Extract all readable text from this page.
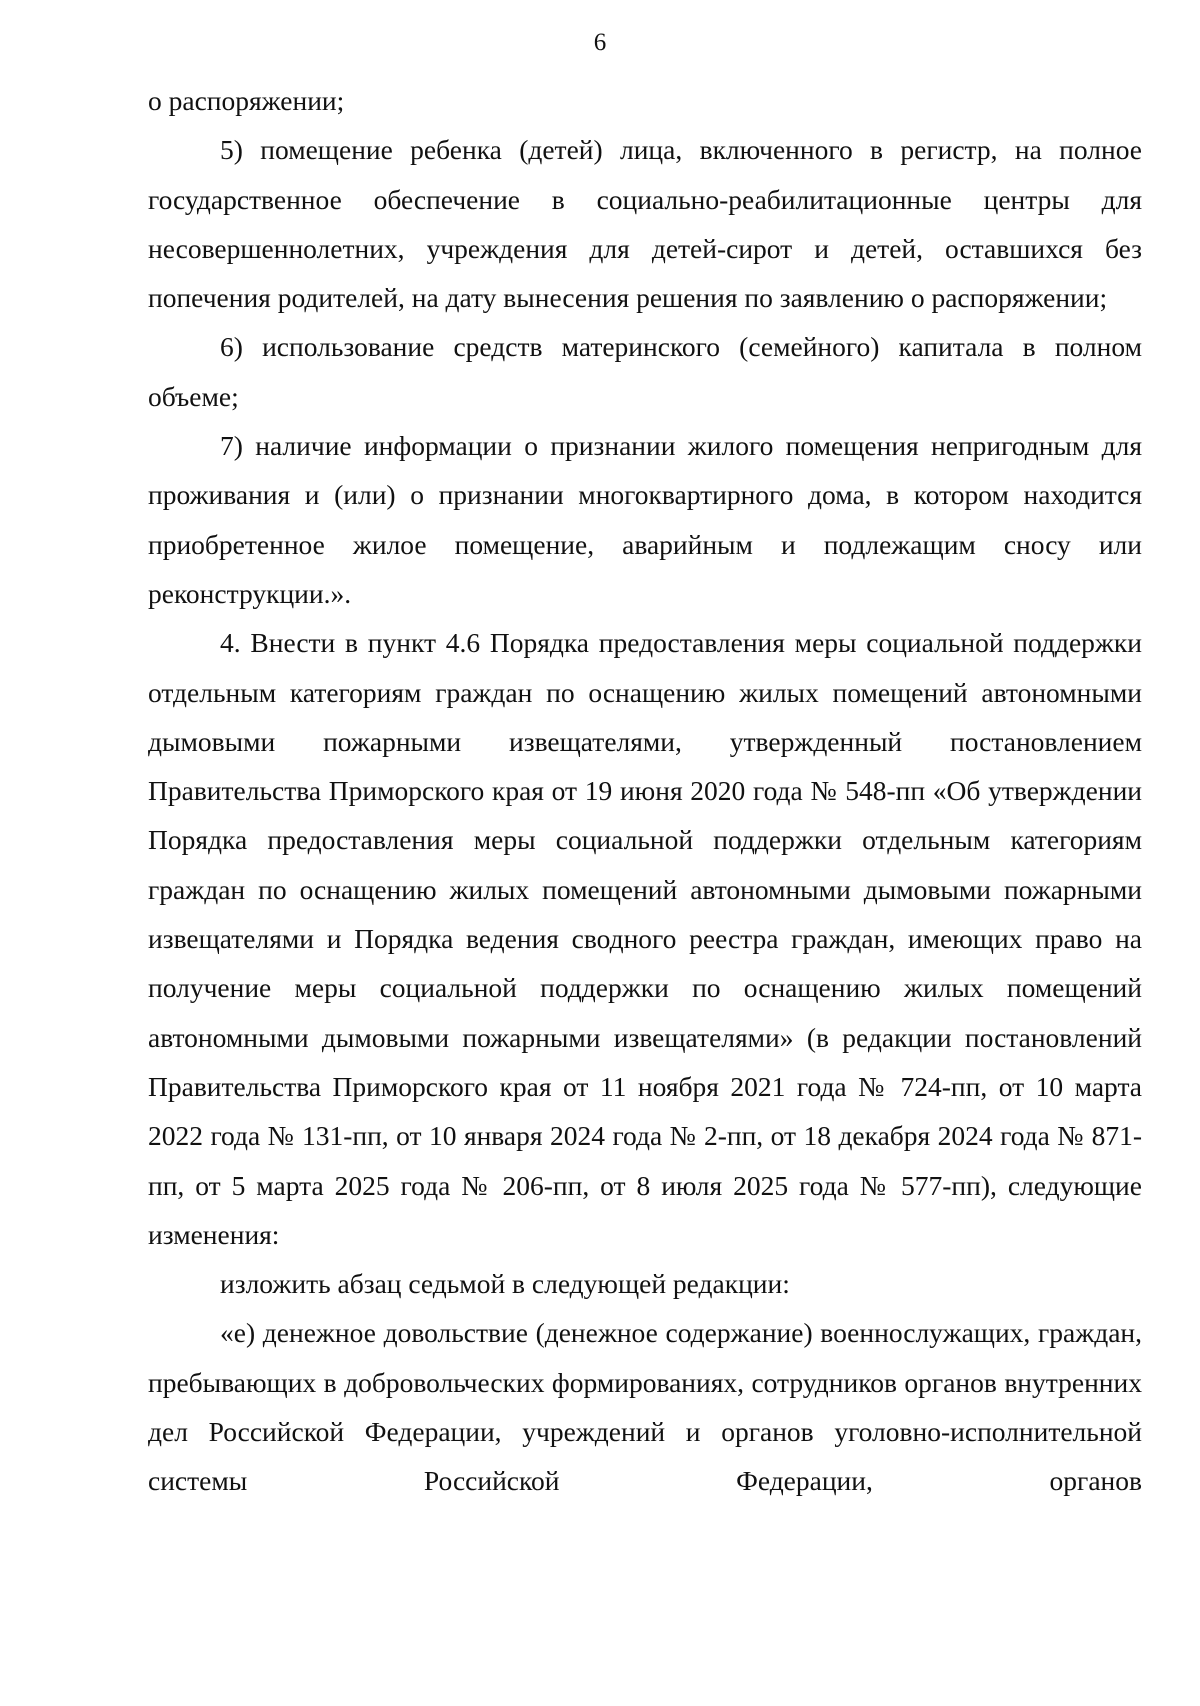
6

о распоряжении;

5) помещение ребенка (детей) лица, включенного в регистр, на полное государственное обеспечение в социально-реабилитационные центры для несовершеннолетних, учреждения для детей-сирот и детей, оставшихся без попечения родителей, на дату вынесения решения по заявлению о распоряжении;

6) использование средств материнского (семейного) капитала в полном объеме;

7) наличие информации о признании жилого помещения непригодным для проживания и (или) о признании многоквартирного дома, в котором находится приобретенное жилое помещение, аварийным и подлежащим сносу или реконструкции.».

4. Внести в пункт 4.6 Порядка предоставления меры социальной поддержки отдельным категориям граждан по оснащению жилых помещений автономными дымовыми пожарными извещателями, утвержденный постановлением Правительства Приморского края от 19 июня 2020 года № 548-пп «Об утверждении Порядка предоставления меры социальной поддержки отдельным категориям граждан по оснащению жилых помещений автономными дымовыми пожарными извещателями и Порядка ведения сводного реестра граждан, имеющих право на получение меры социальной поддержки по оснащению жилых помещений автономными дымовыми пожарными извещателями» (в редакции постановлений Правительства Приморского края от 11 ноября 2021 года № 724-пп, от 10 марта 2022 года № 131-пп, от 10 января 2024 года № 2-пп, от 18 декабря 2024 года № 871-пп, от 5 марта 2025 года № 206-пп, от 8 июля 2025 года № 577-пп), следующие изменения:

изложить абзац седьмой в следующей редакции:

«е) денежное довольствие (денежное содержание) военнослужащих, граждан, пребывающих в добровольческих формированиях, сотрудников органов внутренних дел Российской Федерации, учреждений и органов уголовно-исполнительной системы Российской Федерации, органов
